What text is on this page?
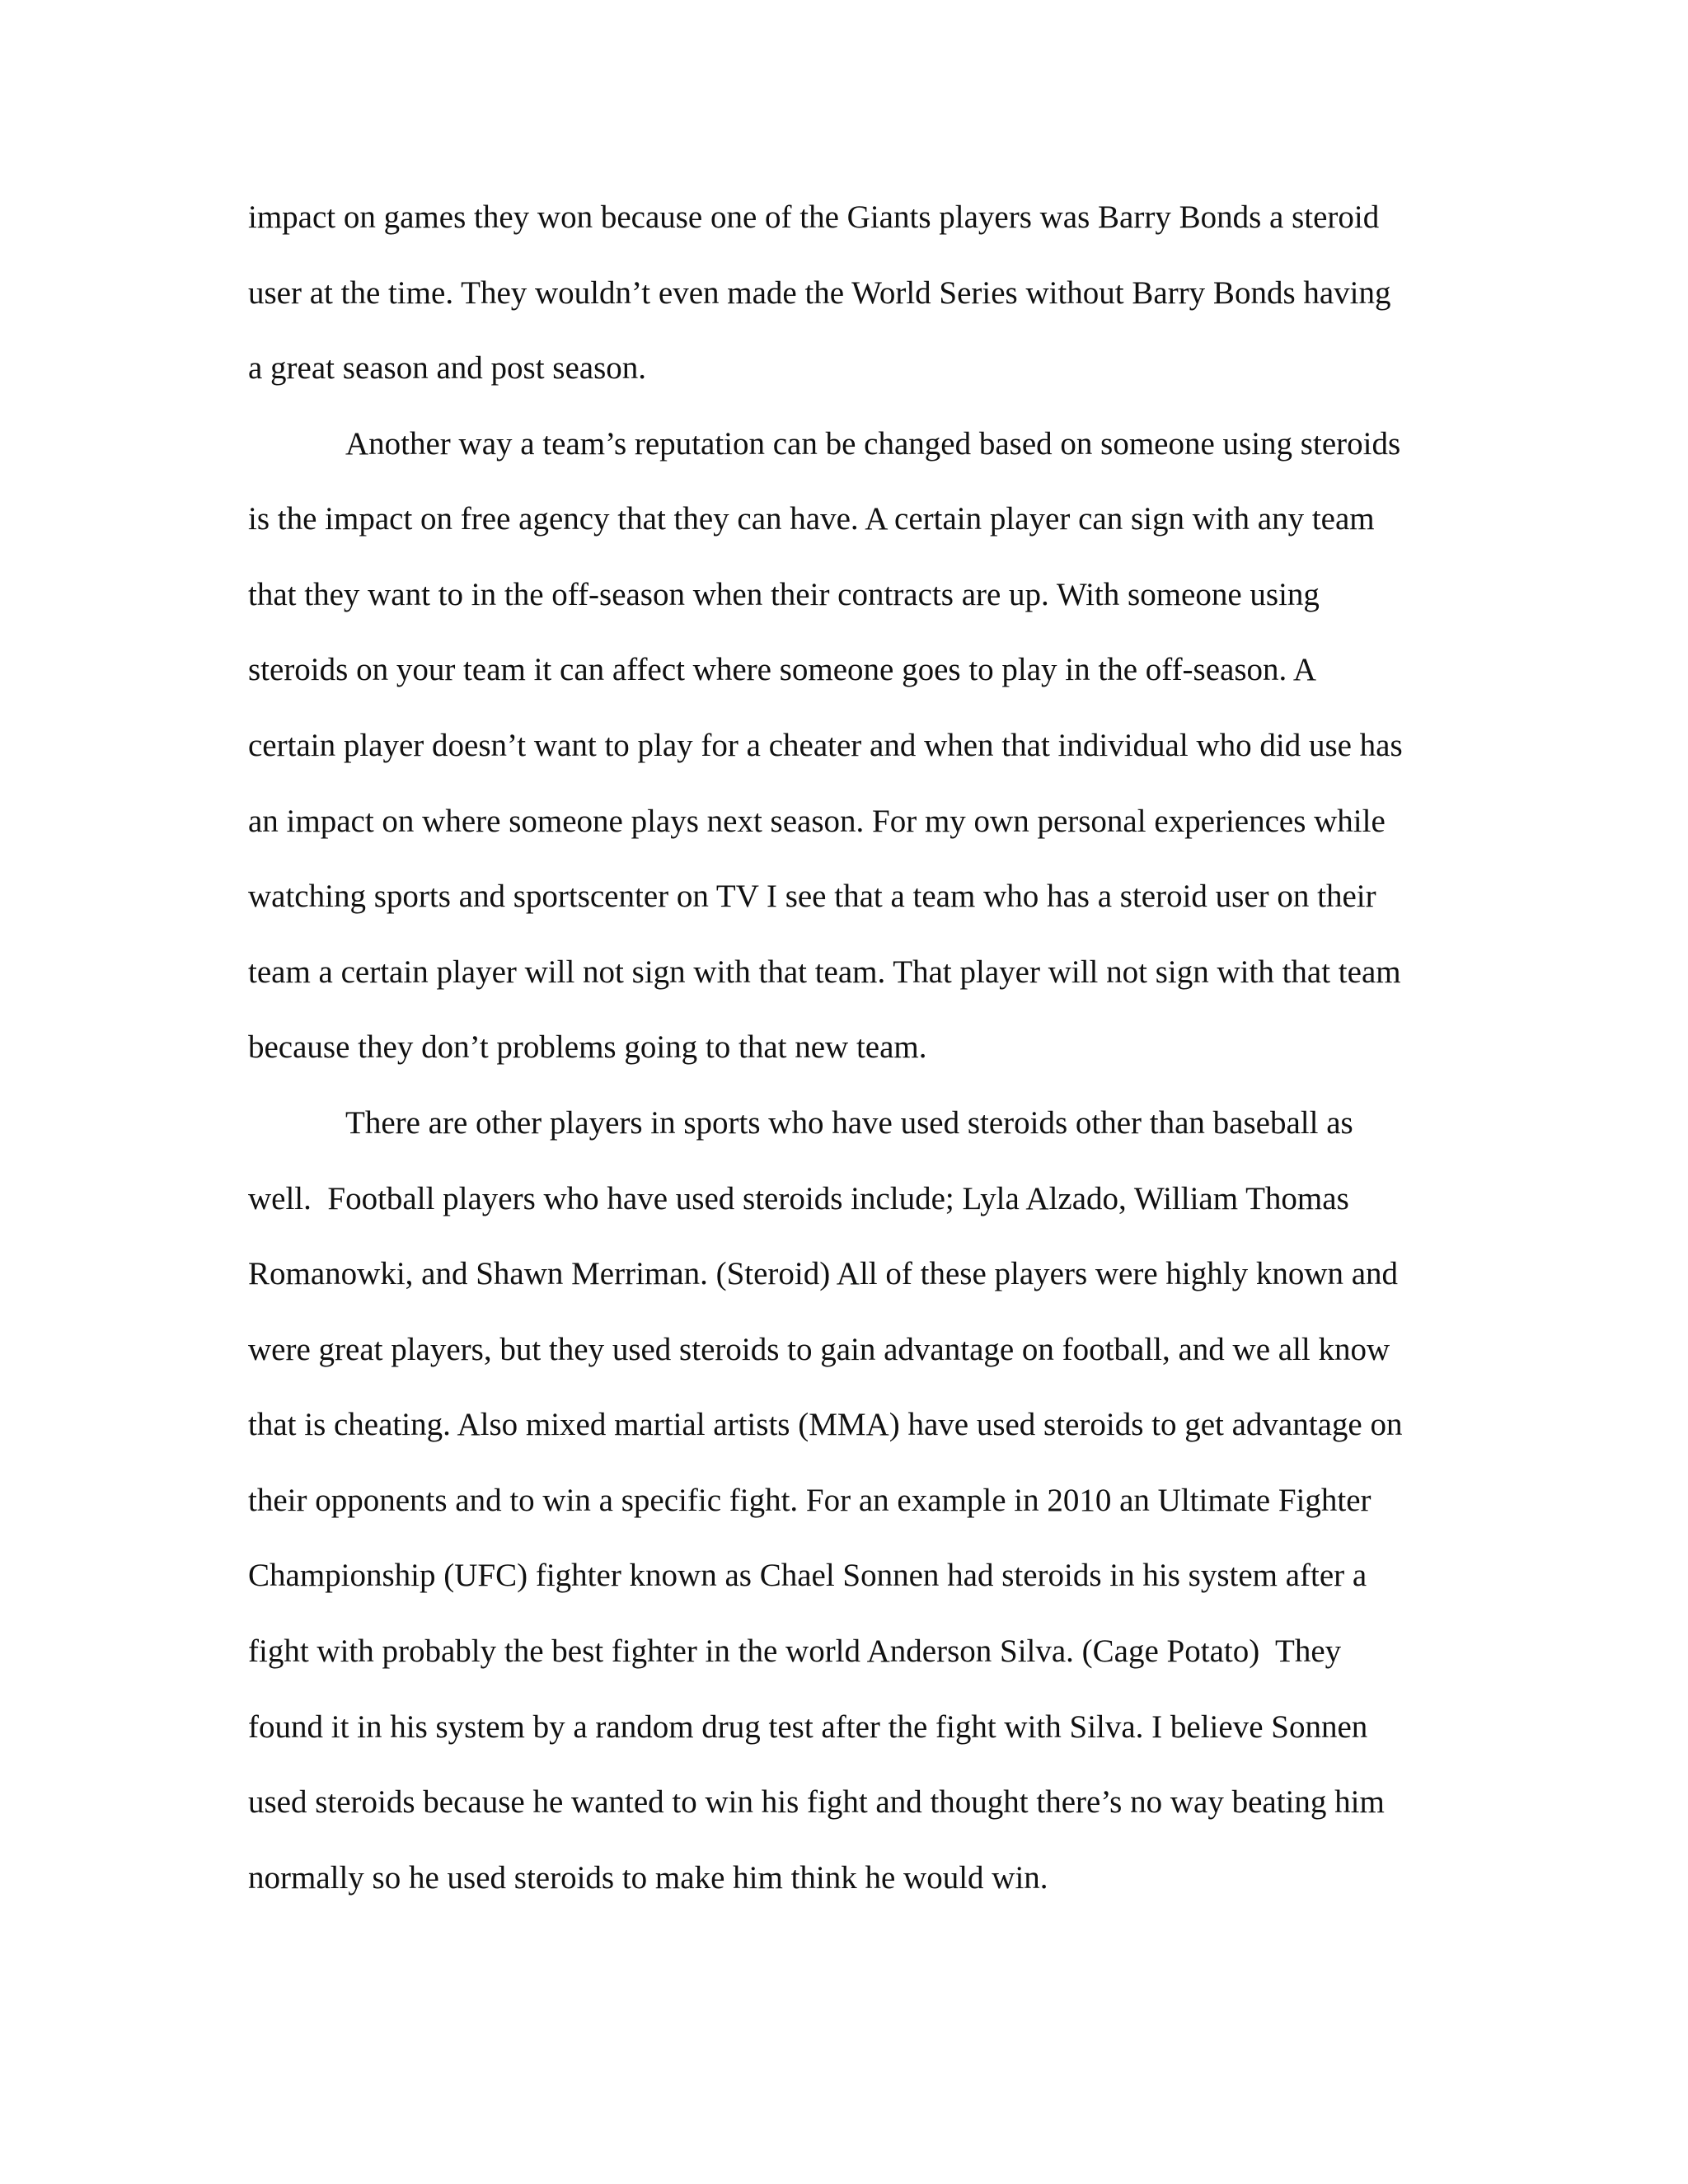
impact on games they won because one of the Giants players was Barry Bonds a steroid
user at the time. They wouldn’t even made the World Series without Barry Bonds having
a great season and post season.
Another way a team’s reputation can be changed based on someone using steroids
is the impact on free agency that they can have. A certain player can sign with any team
that they want to in the off-season when their contracts are up. With someone using
steroids on your team it can affect where someone goes to play in the off-season. A
certain player doesn’t want to play for a cheater and when that individual who did use has
an impact on where someone plays next season. For my own personal experiences while
watching sports and sportscenter on TV I see that a team who has a steroid user on their
team a certain player will not sign with that team. That player will not sign with that team
because they don’t problems going to that new team.
There are other players in sports who have used steroids other than baseball as
well.  Football players who have used steroids include; Lyla Alzado, William Thomas
Romanowki, and Shawn Merriman. (Steroid) All of these players were highly known and
were great players, but they used steroids to gain advantage on football, and we all know
that is cheating. Also mixed martial artists (MMA) have used steroids to get advantage on
their opponents and to win a specific fight. For an example in 2010 an Ultimate Fighter
Championship (UFC) fighter known as Chael Sonnen had steroids in his system after a
fight with probably the best fighter in the world Anderson Silva. (Cage Potato)  They
found it in his system by a random drug test after the fight with Silva. I believe Sonnen
used steroids because he wanted to win his fight and thought there’s no way beating him
normally so he used steroids to make him think he would win.
